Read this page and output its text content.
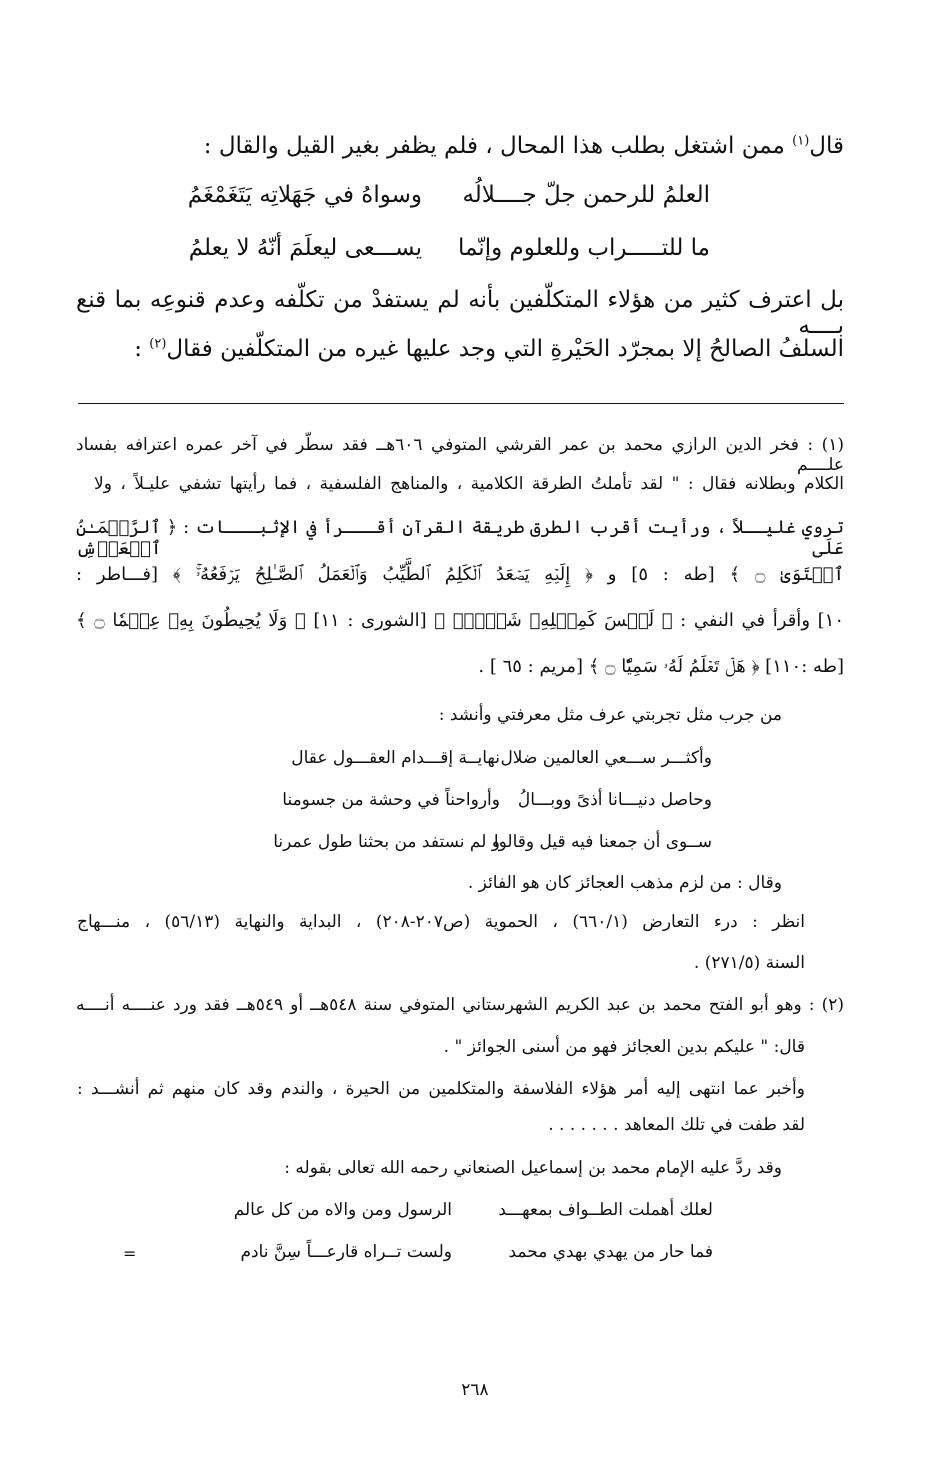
قال$^{(١)}$ ممن اشتغل بطلب هذا المحال ، فلم يظفر بغير القيل والقال :
العلمُ للرحمن جلّ جــــلالُه
وسواهُ في جَهَلاتِه يَتَغَمْغَمُ
ما للتـــــراب وللعلوم وإنّما
يســـعى ليعلَمَ أنّهُ لا يعلمُ
بل اعترف كثير من هؤلاء المتكلّفين بأنه لم يستفدْ من تكلّفه وعدم قنوعِه بما قنع بــــه
السلفُ الصالحُ إلا بمجرّد الحَيْرةِ التي وجد عليها غيره من المتكلّفين فقال$^{(٢)}$ :
(١) : فخر الدين الرازي محمد بن عمر القرشي المتوفي ٦٠٦هــ فقد سطّر في آخر عمره اعترافه بفساد علــــم
الكلام وبطلانه فقال : " لقد تأملتُ الطرقة الكلامية ، والمناهج الفلسفية ، فما رأيتها تشفي عليـلاً ، ولا
تروي غليــلاً ، ورأيت أقرب الطرق طريقة القرآن أقـــرأ في الإثبـــات : ﴿ ٱلرَّحۡمَـٰنُ عَلَى ٱلۡعَرۡشِ
ٱسۡتَوَىٰ ۝ ﴾ [طه : ٥] و ﴿ إِلَيۡهِ يَصۡعَدُ ٱلۡكَلِمُ ٱلطَّيِّبُ وَٱلۡعَمَلُ ٱلصَّـٰلِحُ يَرۡفَعُهُۥۚ ﴾ [فـــاطر :
١٠] وأقرأ في النفي : ﴿ لَيۡسَ كَمِثۡلِهِۦ شَيۡءٌۖ ﴾ [الشورى : ١١] ﴿ وَلَا يُحِيطُونَ بِهِۦ عِلۡمٗا ۝ ﴾
[طه :١١٠] ﴿ هَلۡ تَعۡلَمُ لَهُۥ سَمِيّٗا ۝ ﴾ [مريم : ٦٥ ] .
من جرب مثل تجربتي عرف مثل معرفتي وأنشد :
نهايــة إقـــدام العقـــول عقال وأكثـــر ســـعي العالمين ضلال
وأرواحناً في وحشة من جسومنا وحاصل دنيـــانا أذىً ووبـــالُ
و لم نستفد من بحثنا طول عمرنا
ســوى أن جمعنا فيه قيل وقالوا
وقال : من لزم مذهب العجائز كان هو الفائز .
انظر : درء التعارض (٦٦٠/١) ، الحموية (ص٢٠٧-٢٠٨) ، البداية والنهاية (٥٦/١٣) ، منـــهاج
السنة (٢٧١/٥) .
(٢) : وهو أبو الفتح محمد بن عبد الكريم الشهرستاني المتوفي سنة ٥٤٨هــ أو ٥٤٩هــ فقد ورد عنــــه أنــــه
قال: " عليكم بدين العجائز فهو من أسنى الجوائز " .
وأخبر عما انتهى إليه أمر هؤلاء الفلاسفة والمتكلمين من الحيرة ، والندم وقد كان منهم ثم أنشـــد :
لقد طفت في تلك المعاهد . . . . . . .
وقد ردَّ عليه الإمام محمد بن إسماعيل الصنعاني رحمه الله تعالى بقوله :
لعلك أهملت الطــواف بمعهـــد
الرسول ومن والاه من كل عالم
فما حار من يهدي بهدي محمد
ولست تــراه قارعـــاً سِنَّ نادم
=
٢٦٨
